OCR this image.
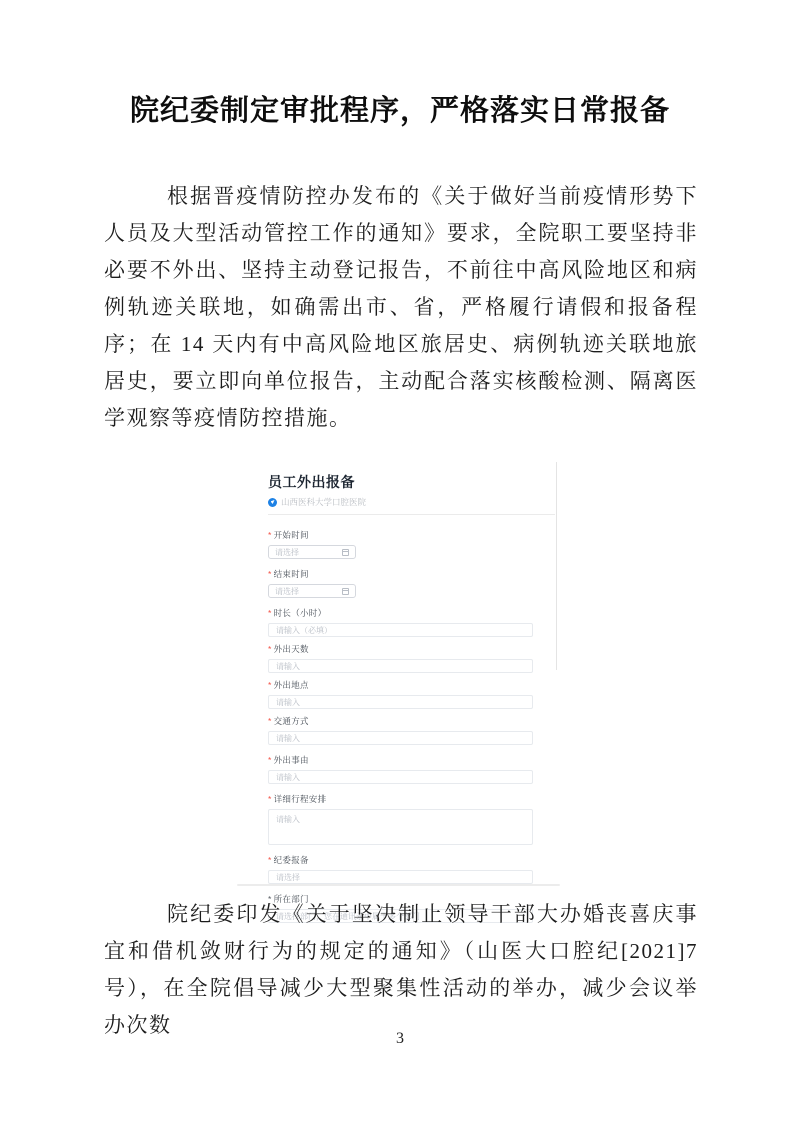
院纪委制定审批程序，严格落实日常报备

根据晋疫情防控办发布的《关于做好当前疫情形势下人员及大型活动管控工作的通知》要求，全院职工要坚持非必要不外出、坚持主动登记报告，不前往中高风险地区和病例轨迹关联地，如确需出市、省，严格履行请假和报备程序；在 14 天内有中高风险地区旅居史、病例轨迹关联地旅居史，要立即向单位报告，主动配合落实核酸检测、隔离医学观察等疫情防控措施。

员工外出报备
山西医科大学口腔医院
* 开始时间
请选择
* 结束时间
请选择
* 时长（小时）
请输入（必填）
* 外出天数
请输入
* 外出地点
请输入
* 交通方式
请输入
* 外出事由
请输入
* 详细行程安排
请输入
* 纪委报备
请选择
* 所在部门
请选择部门，您在通讯录中属于多个部门

院纪委印发《关于坚决制止领导干部大办婚丧喜庆事宜和借机敛财行为的规定的通知》（山医大口腔纪[2021]7 号），在全院倡导减少大型聚集性活动的举办，减少会议举办次数

3
